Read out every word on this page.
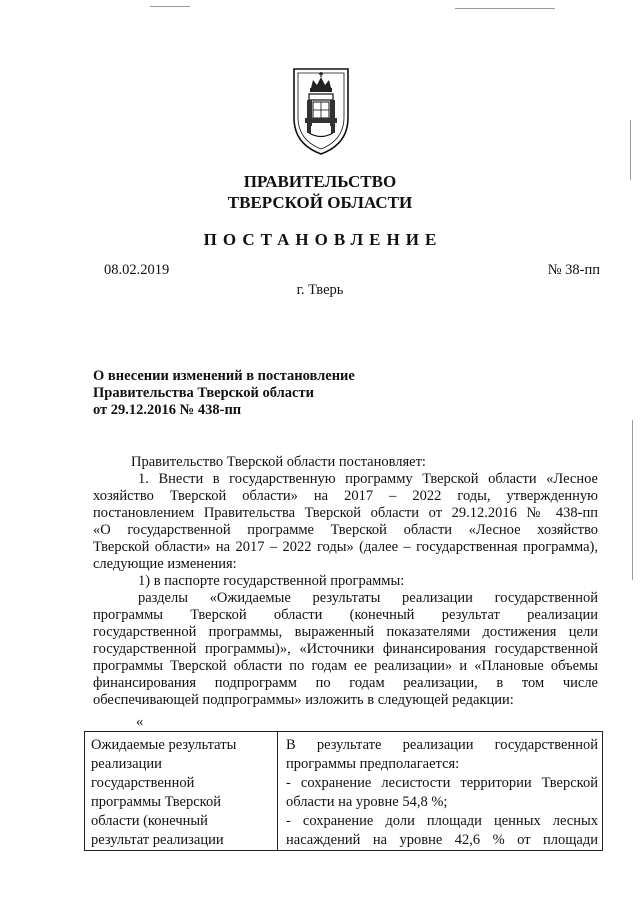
ПРАВИТЕЛЬСТВО
ТВЕРСКОЙ ОБЛАСТИ
ПОСТАНОВЛЕНИЕ
08.02.2019	№ 38-пп
г. Тверь
О внесении изменений в постановление
Правительства Тверской области
от 29.12.2016 № 438-пп
Правительство Тверской области постановляет:
1. Внести в государственную программу Тверской области «Лесное
хозяйство Тверской области» на 2017 – 2022 годы, утвержденную
постановлением Правительства Тверской области от 29.12.2016 № 438-пп
«О государственной программе Тверской области «Лесное хозяйство
Тверской области» на 2017 – 2022 годы» (далее – государственная программа),
следующие изменения:
1) в паспорте государственной программы:
разделы «Ожидаемые результаты реализации государственной
программы Тверской области (конечный результат реализации
государственной программы, выраженный показателями достижения цели
государственной программы)», «Источники финансирования государственной
программы Тверской области по годам ее реализации» и «Плановые объемы
финансирования подпрограмм по годам реализации, в том числе
обеспечивающей подпрограммы» изложить в следующей редакции:
«
Ожидаемые результаты
реализации
государственной
программы Тверской
области (конечный
результат реализации
В результате реализации государственной
программы предполагается:
- сохранение лесистости территории Тверской
области на уровне 54,8 %;
- сохранение доли площади ценных лесных
насаждений на уровне 42,6 % от площади
